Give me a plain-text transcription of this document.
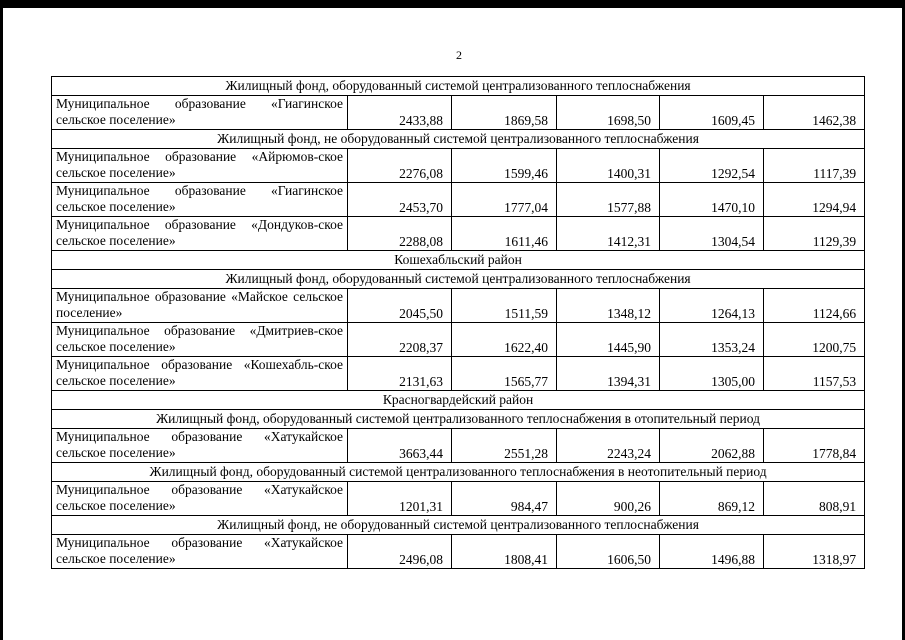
2
Жилищный фонд, оборудованный системой централизованного теплоснабжения					
Муниципальное образование «Гиагинское сельское поселение»	2433,88	1869,58	1698,50	1609,45	1462,38
Жилищный фонд, не оборудованный системой централизованного теплоснабжения					
Муниципальное образование «Айрюмов-ское сельское поселение»	2276,08	1599,46	1400,31	1292,54	1117,39
Муниципальное образование «Гиагинское сельское поселение»	2453,70	1777,04	1577,88	1470,10	1294,94
Муниципальное образование «Дондуков-ское сельское поселение»	2288,08	1611,46	1412,31	1304,54	1129,39
Кошехабльский район					
Жилищный фонд, оборудованный системой централизованного теплоснабжения					
Муниципальное образование «Майское сельское поселение»	2045,50	1511,59	1348,12	1264,13	1124,66
Муниципальное образование «Дмитриев-ское сельское поселение»	2208,37	1622,40	1445,90	1353,24	1200,75
Муниципальное образование «Кошехабль-ское сельское поселение»	2131,63	1565,77	1394,31	1305,00	1157,53
Красногвардейский район					
Жилищный фонд, оборудованный системой централизованного теплоснабжения в отопительный период					
Муниципальное образование «Хатукайское сельское поселение»	3663,44	2551,28	2243,24	2062,88	1778,84
Жилищный фонд, оборудованный системой централизованного теплоснабжения в неотопительный период					
Муниципальное образование «Хатукайское сельское поселение»	1201,31	984,47	900,26	869,12	808,91
Жилищный фонд, не оборудованный системой централизованного теплоснабжения					
Муниципальное образование «Хатукайское сельское поселение»	2496,08	1808,41	1606,50	1496,88	1318,97
